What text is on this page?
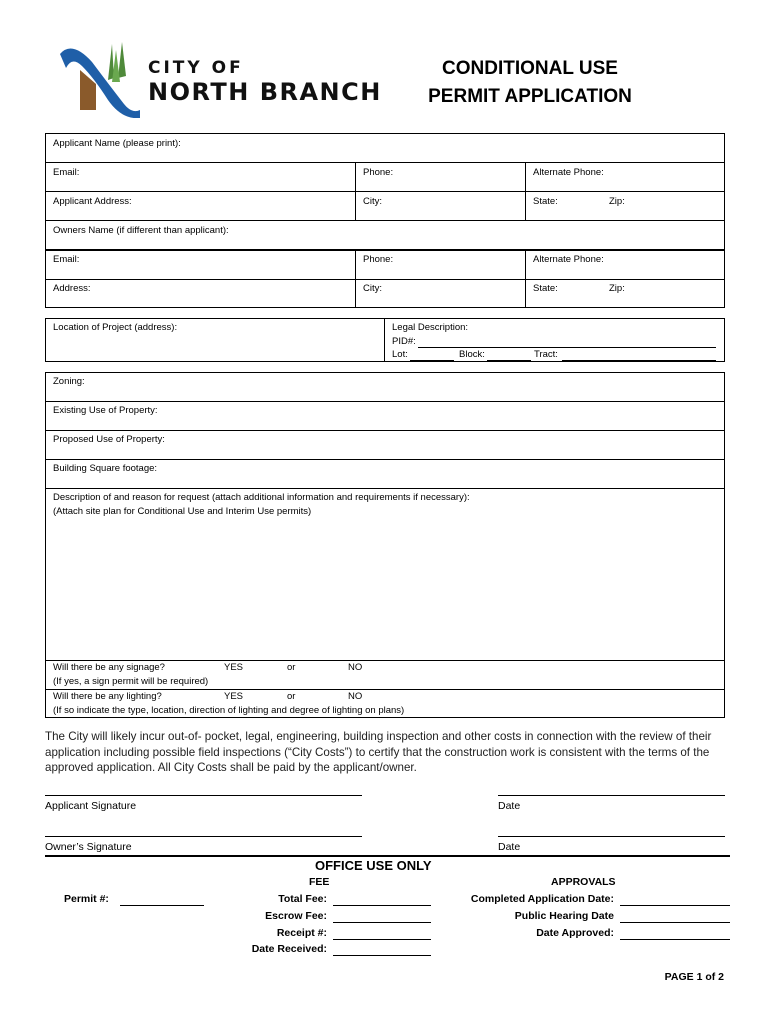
CITY OF
NORTH BRANCH
CONDITIONAL USE
PERMIT APPLICATION
Applicant Name (please print):
Email:	Phone:	Alternate Phone:
Applicant Address:	City:	State:	Zip:
Owners Name (if different than applicant):
Email:	Phone:	Alternate Phone:
Address:	City:	State:	Zip:
Location of Project (address):	Legal Description:
PID#:
Lot:	Block:	Tract:
Zoning:
Existing Use of Property:
Proposed Use of Property:
Building Square footage:
Description of and reason for request (attach additional information and requirements if necessary):
(Attach site plan for Conditional Use and Interim Use permits)
Will there be any signage?	YES	or	NO
(If yes, a sign permit will be required)
Will there be any lighting?	YES	or	NO
(If so indicate the type, location, direction of lighting and degree of lighting on plans)
The City will likely incur out-of- pocket, legal, engineering, building inspection and other costs in connection with the review of their application including possible field inspections (“City Costs”) to certify that the construction work is consistent with the terms of the approved application. All City Costs shall be paid by the applicant/owner.
Applicant Signature	Date
Owner’s Signature	Date
OFFICE USE ONLY
Permit #:
FEE
Total Fee:
Escrow Fee:
Receipt #:
Date Received:
APPROVALS
Completed Application Date:
Public Hearing Date
Date Approved:
PAGE 1 of 2
